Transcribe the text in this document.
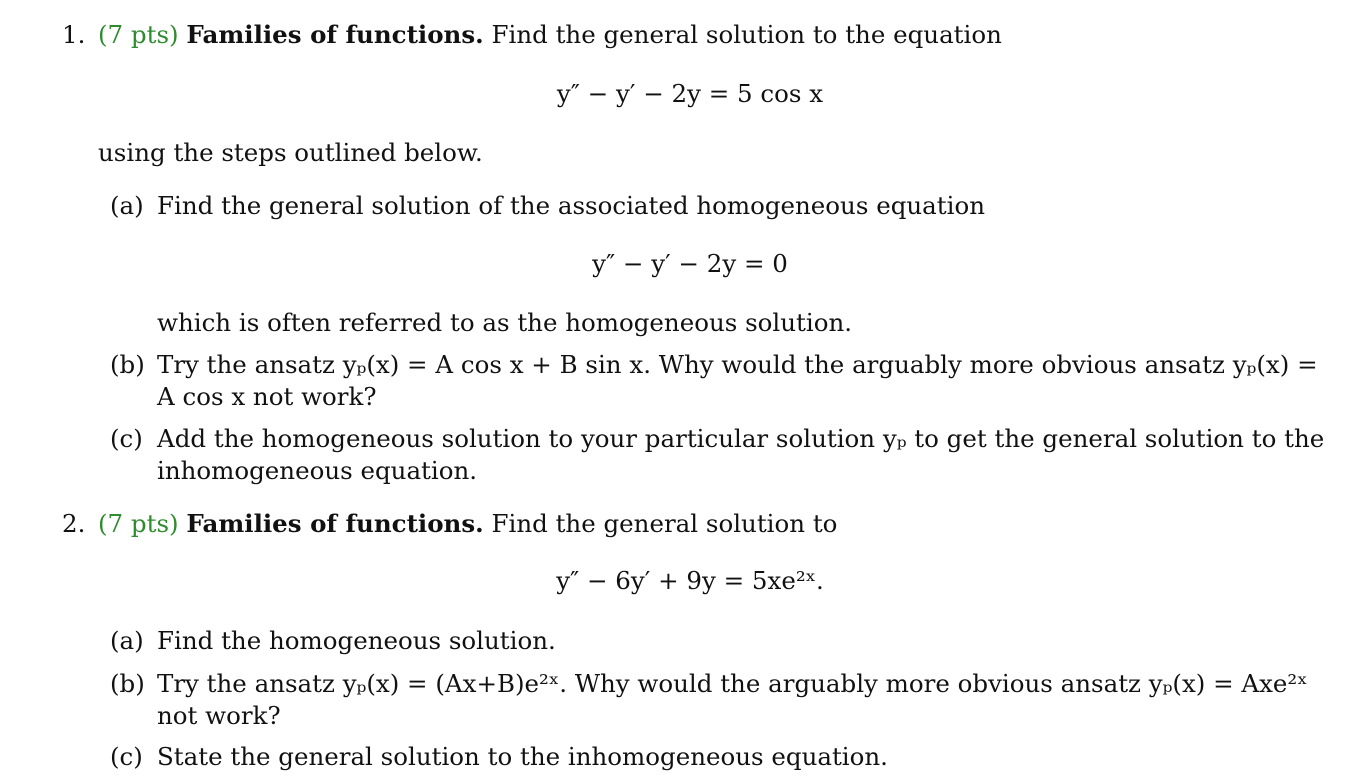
1. (7 pts) Families of functions. Find the general solution to the equation
y″ − y′ − 2y = 5 cos x
using the steps outlined below.
(a) Find the general solution of the associated homogeneous equation
y″ − y′ − 2y = 0
which is often referred to as the homogeneous solution.
(b) Try the ansatz yₚ(x) = A cos x + B sin x. Why would the arguably more obvious ansatz yₚ(x) =
A cos x not work?
(c) Add the homogeneous solution to your particular solution yₚ to get the general solution to the
inhomogeneous equation.
2. (7 pts) Families of functions. Find the general solution to
y″ − 6y′ + 9y = 5xe²ˣ.
(a) Find the homogeneous solution.
(b) Try the ansatz yₚ(x) = (Ax+B)e²ˣ. Why would the arguably more obvious ansatz yₚ(x) = Axe²ˣ
not work?
(c) State the general solution to the inhomogeneous equation.
